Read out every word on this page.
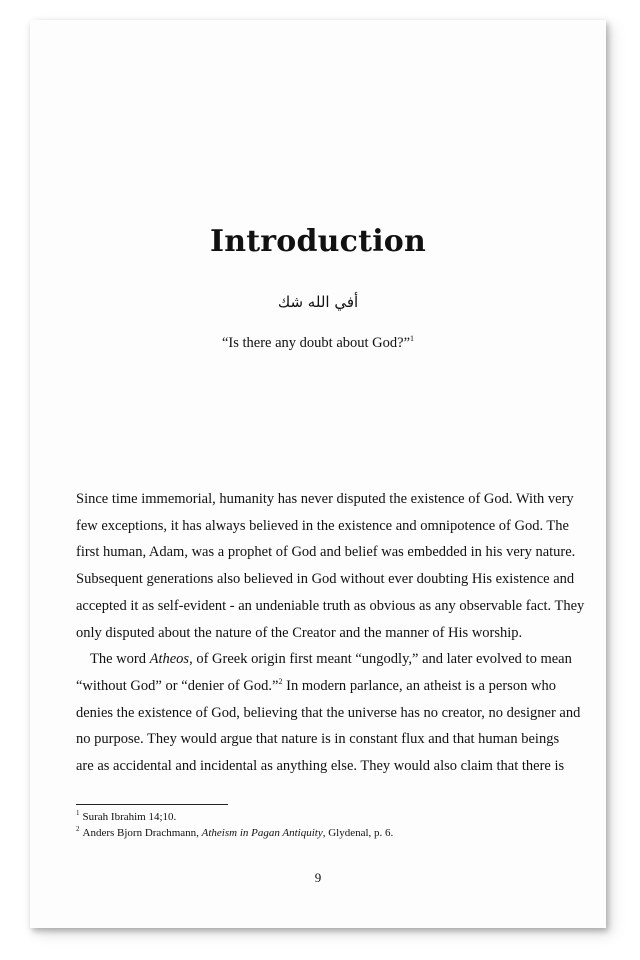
Introduction
أفي الله شك
“Is there any doubt about God?”$^1$
Since time immemorial, humanity has never disputed the existence of God. With very
few exceptions, it has always believed in the existence and omnipotence of God. The
first human, Adam, was a prophet of God and belief was embedded in his very nature.
Subsequent generations also believed in God without ever doubting His existence and
accepted it as self-evident - an undeniable truth as obvious as any observable fact. They
only disputed about the nature of the Creator and the manner of His worship.
The word Atheos, of Greek origin first meant “ungodly,” and later evolved to mean
“without God” or “denier of God.”$^2$ In modern parlance, an atheist is a person who
denies the existence of God, believing that the universe has no creator, no designer and
no purpose. They would argue that nature is in constant flux and that human beings
are as accidental and incidental as anything else. They would also claim that there is
$^1$ Surah Ibrahim 14;10.
$^2$ Anders Bjorn Drachmann, Atheism in Pagan Antiquity, Glydenal, p. 6.
9
